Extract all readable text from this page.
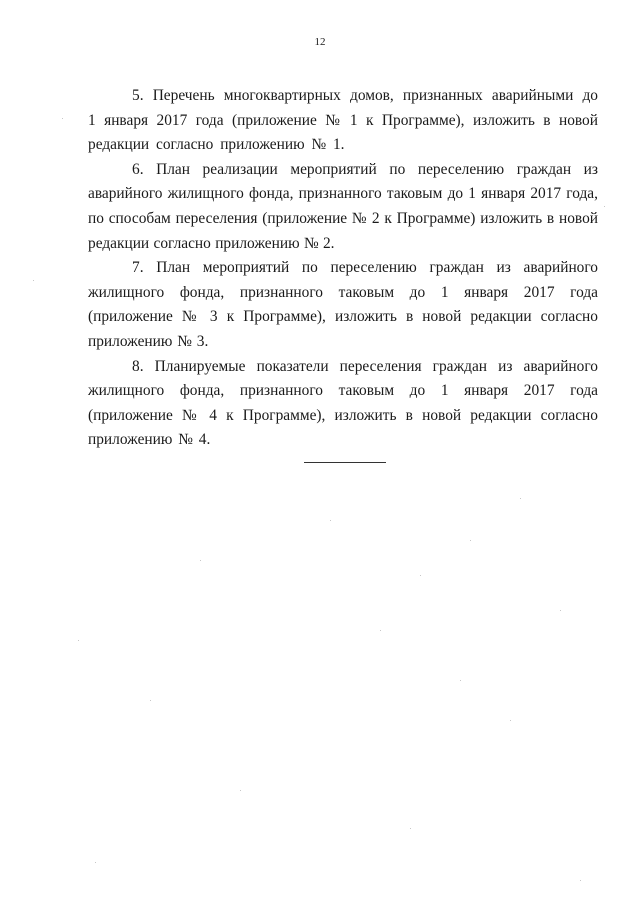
12

5. Перечень многоквартирных домов, признанных аварийными до 1 января 2017 года (приложение № 1 к Программе), изложить в новой редакции согласно приложению № 1.

6. План реализации мероприятий по переселению граждан из аварийного жилищного фонда, признанного таковым до 1 января 2017 года, по способам переселения (приложение № 2 к Программе) изложить в новой редакции согласно приложению № 2.

7. План мероприятий по переселению граждан из аварийного жилищного фонда, признанного таковым до 1 января 2017 года (приложение № 3 к Программе), изложить в новой редакции согласно приложению № 3.

8. Планируемые показатели переселения граждан из аварийного жилищного фонда, признанного таковым до 1 января 2017 года (приложение № 4 к Программе), изложить в новой редакции согласно приложению № 4.
